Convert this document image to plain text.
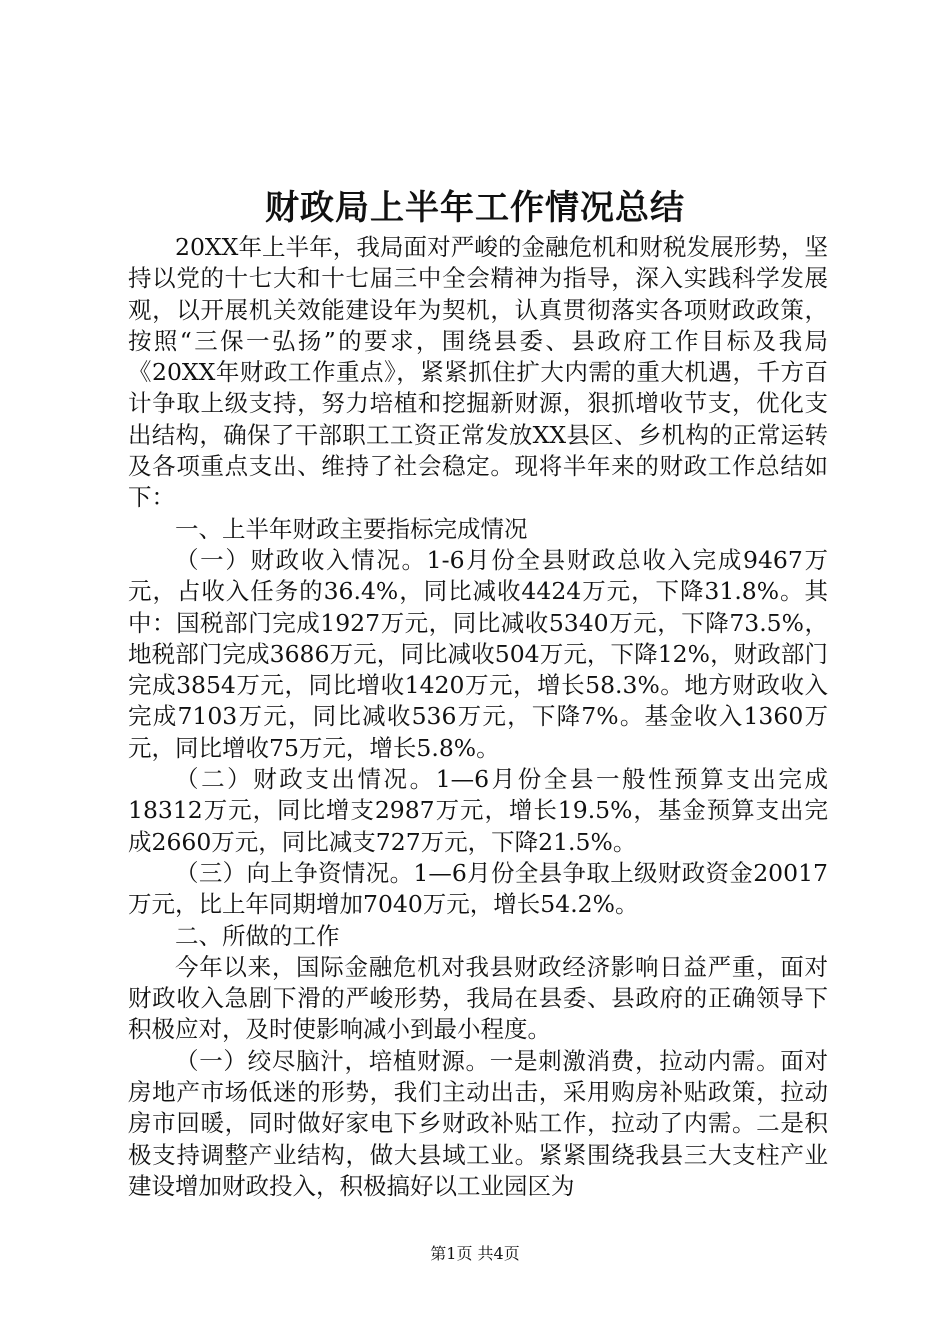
财政局上半年工作情况总结

20XX年上半年，我局面对严峻的金融危机和财税发展形势，坚持以党的十七大和十七届三中全会精神为指导，深入实践科学发展观，以开展机关效能建设年为契机，认真贯彻落实各项财政政策，按照“三保一弘扬”的要求，围绕县委、县政府工作目标及我局《20XX年财政工作重点》，紧紧抓住扩大内需的重大机遇，千方百计争取上级支持，努力培植和挖掘新财源，狠抓增收节支，优化支出结构，确保了干部职工工资正常发放XX县区、乡机构的正常运转及各项重点支出、维持了社会稳定。现将半年来的财政工作总结如下：

一、上半年财政主要指标完成情况

（一）财政收入情况。1-6月份全县财政总收入完成9467万元，占收入任务的36.4%，同比减收4424万元，下降31.8%。其中：国税部门完成1927万元，同比减收5340万元，下降73.5%，地税部门完成3686万元，同比减收504万元，下降12%，财政部门完成3854万元，同比增收1420万元，增长58.3%。地方财政收入完成7103万元，同比减收536万元，下降7%。基金收入1360万元，同比增收75万元，增长5.8%。

（二）财政支出情况。1—6月份全县一般性预算支出完成18312万元，同比增支2987万元，增长19.5%，基金预算支出完成2660万元，同比减支727万元，下降21.5%。

（三）向上争资情况。1—6月份全县争取上级财政资金20017万元，比上年同期增加7040万元，增长54.2%。

二、所做的工作

今年以来，国际金融危机对我县财政经济影响日益严重，面对财政收入急剧下滑的严峻形势，我局在县委、县政府的正确领导下积极应对，及时使影响减小到最小程度。

（一）绞尽脑汁，培植财源。一是刺激消费，拉动内需。面对房地产市场低迷的形势，我们主动出击，采用购房补贴政策，拉动房市回暖，同时做好家电下乡财政补贴工作，拉动了内需。二是积极支持调整产业结构，做大县域工业。紧紧围绕我县三大支柱产业建设增加财政投入，积极搞好以工业园区为

第1页 共4页
